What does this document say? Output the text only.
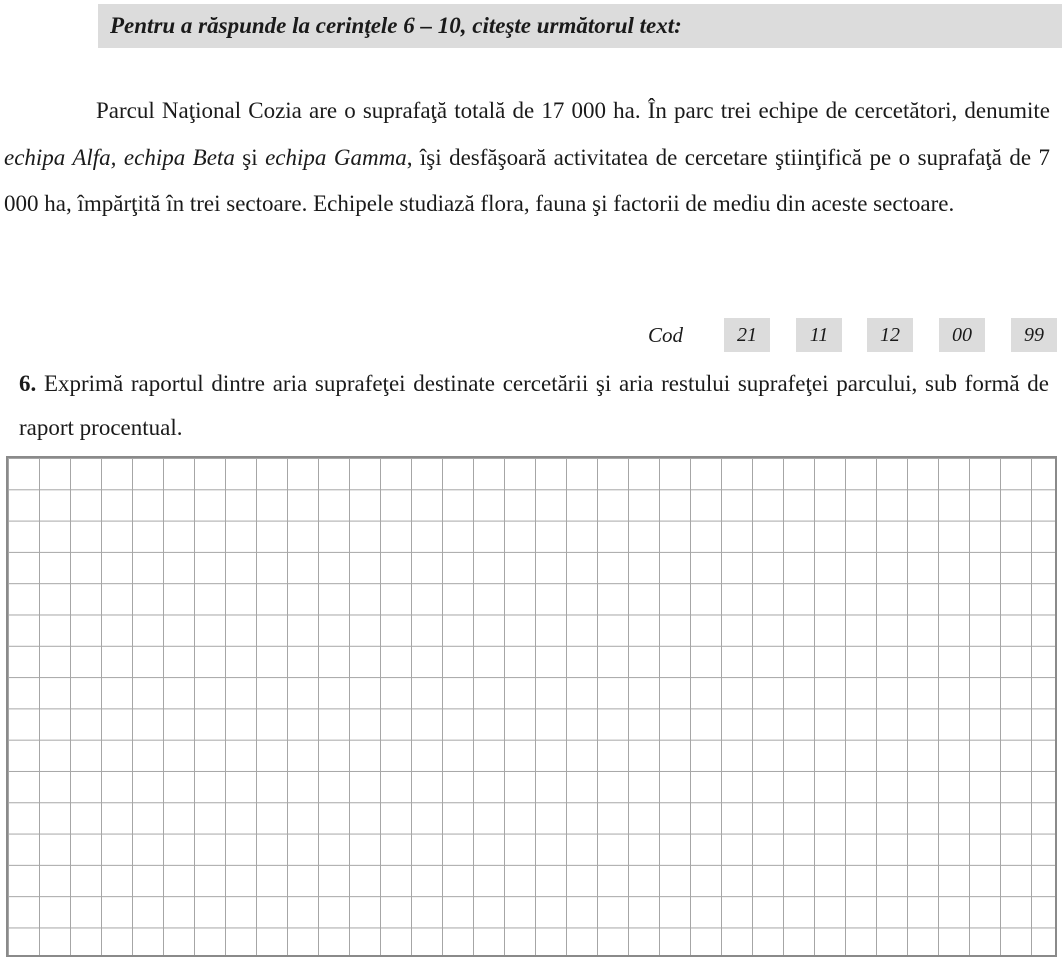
Pentru a răspunde la cerinţele 6 – 10, citeşte următorul text:

Parcul Naţional Cozia are o suprafaţă totală de 17 000 ha. În parc trei echipe de cercetători, denumite echipa Alfa, echipa Beta şi echipa Gamma, îşi desfăşoară activitatea de cercetare ştiinţifică pe o suprafaţă de 7 000 ha, împărţită în trei sectoare. Echipele studiază flora, fauna şi factorii de mediu din aceste sectoare.

Cod	21	11	12	00	99

6. Exprimă raportul dintre aria suprafeţei destinate cercetării şi aria restului suprafeţei parcului, sub formă de raport procentual.
